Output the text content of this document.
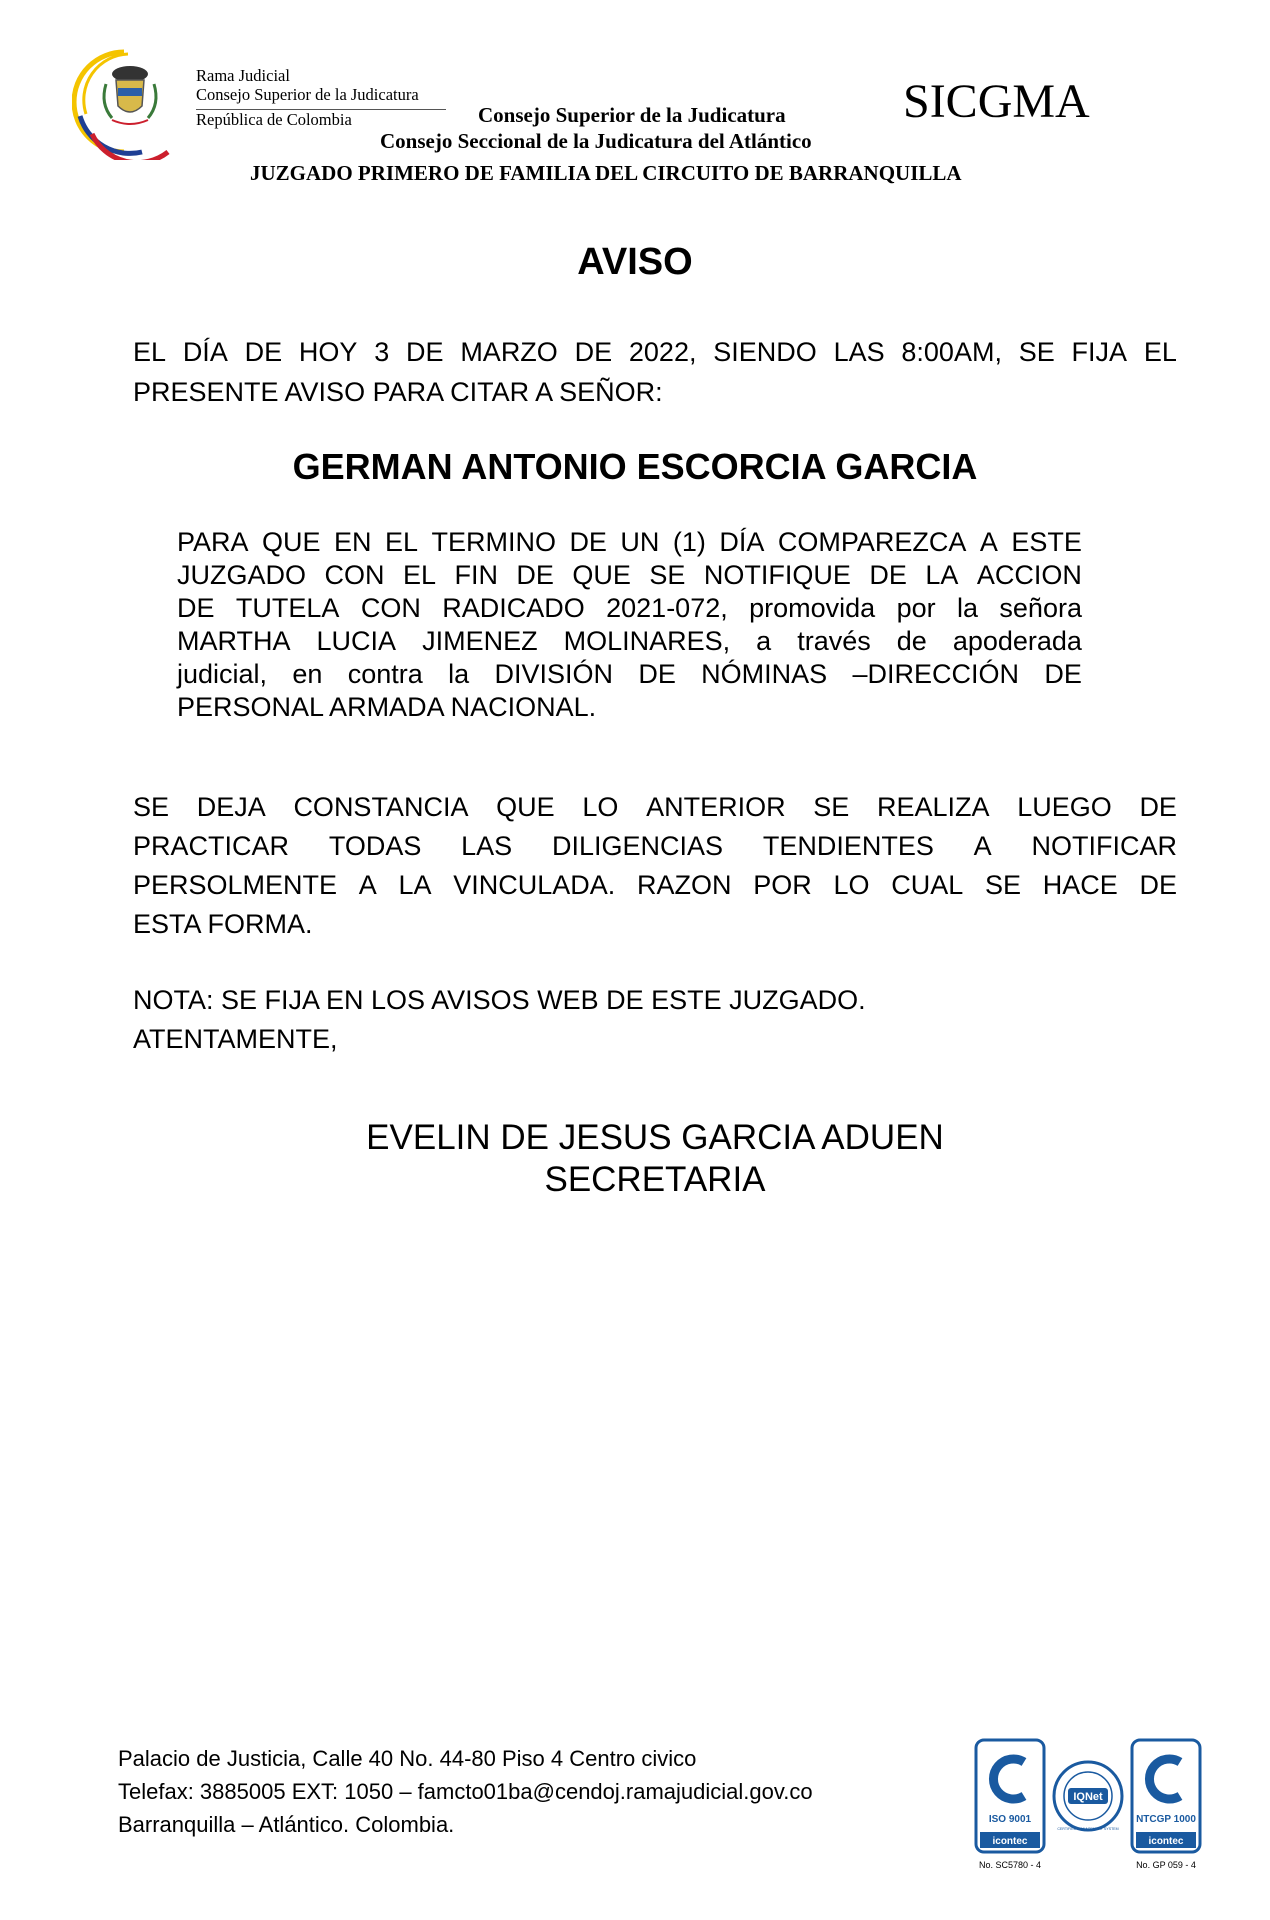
Rama Judicial
Consejo Superior de la Judicatura
República de Colombia	Consejo Superior de la Judicatura SICGMA
Consejo Seccional de la Judicatura del Atlántico
JUZGADO PRIMERO DE FAMILIA DEL CIRCUITO DE BARRANQUILLA
AVISO
EL DÍA DE HOY 3 DE MARZO DE 2022, SIENDO LAS 8:00AM, SE FIJA EL
PRESENTE AVISO PARA CITAR A SEÑOR:
GERMAN ANTONIO ESCORCIA GARCIA
PARA QUE EN EL TERMINO DE UN (1) DÍA COMPAREZCA A ESTE
JUZGADO CON EL FIN DE QUE SE NOTIFIQUE DE LA ACCION
DE TUTELA CON RADICADO 2021-072, promovida por la señora
MARTHA LUCIA JIMENEZ MOLINARES, a través de apoderada
judicial, en contra la DIVISIÓN DE NÓMINAS –DIRECCIÓN DE
PERSONAL ARMADA NACIONAL.
SE DEJA CONSTANCIA QUE LO ANTERIOR SE REALIZA LUEGO DE
PRACTICAR TODAS LAS DILIGENCIAS TENDIENTES A NOTIFICAR
PERSOLMENTE A LA VINCULADA. RAZON POR LO CUAL SE HACE DE
ESTA FORMA.
NOTA: SE FIJA EN LOS AVISOS WEB DE ESTE JUZGADO.
ATENTAMENTE,
EVELIN DE JESUS GARCIA ADUEN
SECRETARIA
Palacio de Justicia, Calle 40 No. 44-80 Piso 4 Centro civico
Telefax: 3885005 EXT: 1050 – famcto01ba@cendoj.ramajudicial.gov.co
Barranquilla – Atlántico. Colombia.	ISO 9001
icontec
No. SC5780 - 4
IQNet
CERTIFIED MANAGEMENT SYSTEM
NTCGP 1000
icontec
No. GP 059 - 4
